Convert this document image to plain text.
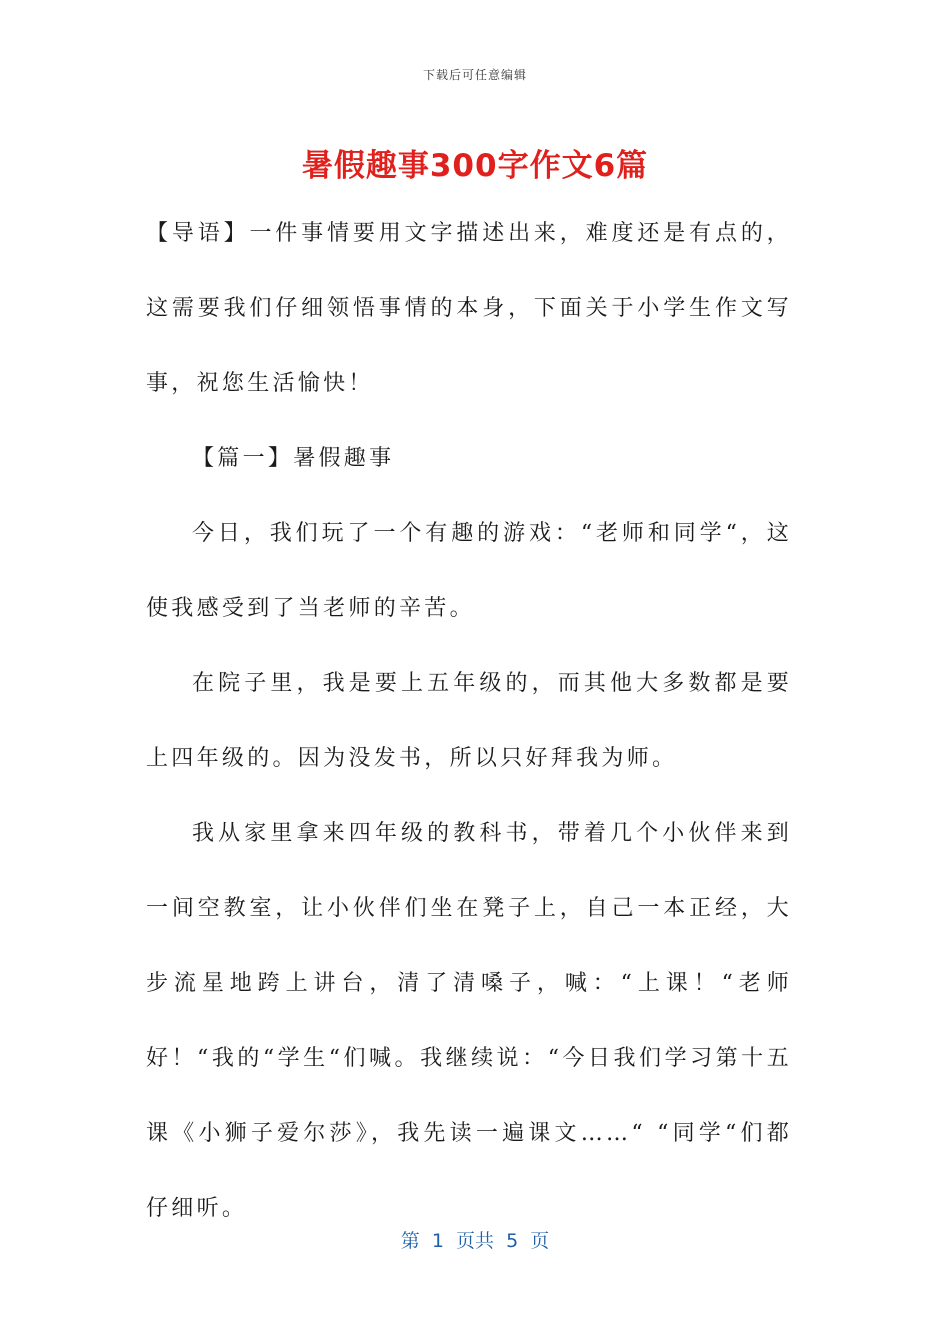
下载后可任意编辑
暑假趣事300字作文6篇

【导语】一件事情要用文字描述出来，难度还是有点的，这需要我们仔细领悟事情的本身，下面关于小学生作文写事，祝您生活愉快！

【篇一】暑假趣事

今日，我们玩了一个有趣的游戏：“老师和同学“，这使我感受到了当老师的辛苦。

在院子里，我是要上五年级的，而其他大多数都是要上四年级的。因为没发书，所以只好拜我为师。

我从家里拿来四年级的教科书，带着几个小伙伴来到一间空教室，让小伙伴们坐在凳子上，自己一本正经，大步流星地跨上讲台，清了清嗓子，喊：“上课！“老师好！“我的“学生“们喊。我继续说：“今日我们学习第十五课《小狮子爱尔莎》，我先读一遍课文……“ “同学“们都仔细听。

第  1  页共  5  页
